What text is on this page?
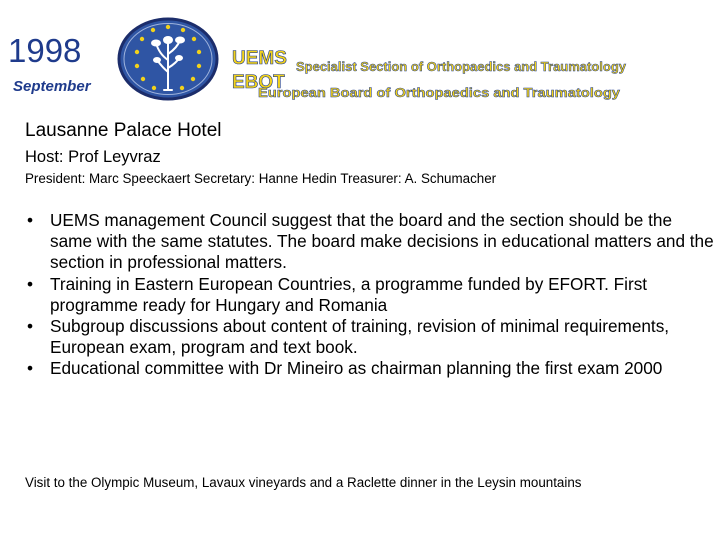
1998
September
UEMS Specialist Section of Orthopaedics and Traumatology
EBOT
European Board of Orthopaedics and Traumatology
Lausanne Palace Hotel
Host: Prof Leyvraz
President: Marc Speeckaert Secretary: Hanne Hedin Treasurer: A. Schumacher
• UEMS management Council suggest that the board and the section should be the same with the same statutes. The board make decisions in educational matters and the section in professional matters.
• Training in Eastern European Countries, a programme funded by EFORT. First programme ready for Hungary and Romania
• Subgroup discussions about content of training, revision of minimal requirements, European exam, program and text book.
• Educational committee with Dr Mineiro as chairman planning the first exam 2000
Visit to the Olympic Museum, Lavaux vineyards and a Raclette dinner in the Leysin mountains
